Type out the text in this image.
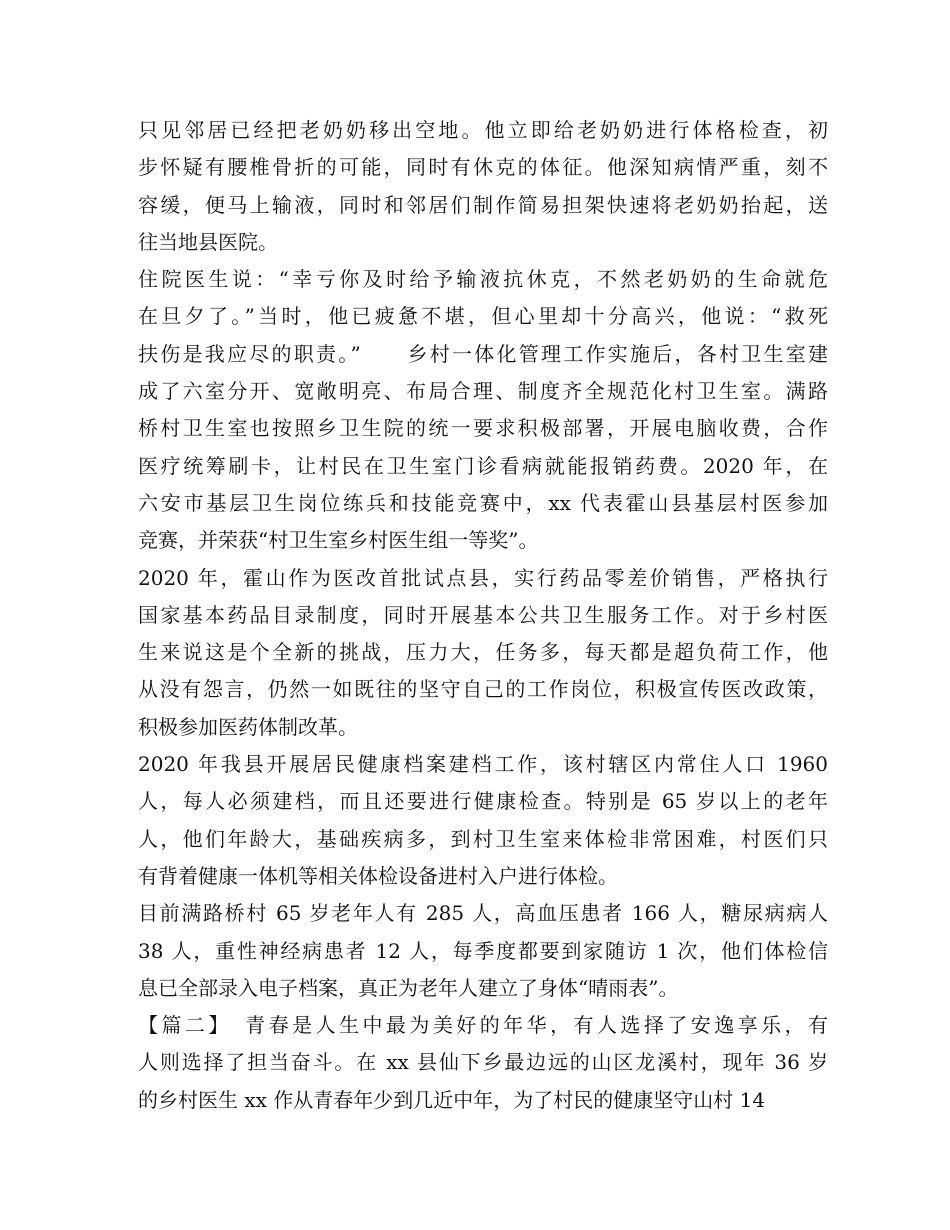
只见邻居已经把老奶奶移出空地。他立即给老奶奶进行体格检查，初
步怀疑有腰椎骨折的可能，同时有休克的体征。他深知病情严重，刻不
容缓，便马上输液，同时和邻居们制作简易担架快速将老奶奶抬起，送
往当地县医院。
住院医生说：“幸亏你及时给予输液抗休克，不然老奶奶的生命就危
在旦夕了。”当时，他已疲惫不堪，但心里却十分高兴，他说：“救死
扶伤是我应尽的职责。”　　乡村一体化管理工作实施后，各村卫生室建
成了六室分开、宽敞明亮、布局合理、制度齐全规范化村卫生室。满路
桥村卫生室也按照乡卫生院的统一要求积极部署，开展电脑收费，合作
医疗统筹刷卡，让村民在卫生室门诊看病就能报销药费。2020 年，在
六安市基层卫生岗位练兵和技能竞赛中，xx 代表霍山县基层村医参加
竞赛，并荣获“村卫生室乡村医生组一等奖”。
2020 年，霍山作为医改首批试点县，实行药品零差价销售，严格执行
国家基本药品目录制度，同时开展基本公共卫生服务工作。对于乡村医
生来说这是个全新的挑战，压力大，任务多，每天都是超负荷工作，他
从没有怨言，仍然一如既往的坚守自己的工作岗位，积极宣传医改政策，
积极参加医药体制改革。
2020 年我县开展居民健康档案建档工作，该村辖区内常住人口 1960
人，每人必须建档，而且还要进行健康检查。特别是 65 岁以上的老年
人，他们年龄大，基础疾病多，到村卫生室来体检非常困难，村医们只
有背着健康一体机等相关体检设备进村入户进行体检。
目前满路桥村 65 岁老年人有 285 人，高血压患者 166 人，糖尿病病人
38 人，重性神经病患者 12 人，每季度都要到家随访 1 次，他们体检信
息已全部录入电子档案，真正为老年人建立了身体“晴雨表”。
【篇二】　青春是人生中最为美好的年华，有人选择了安逸享乐，有
人则选择了担当奋斗。在 xx 县仙下乡最边远的山区龙溪村，现年 36 岁
的乡村医生 xx 作从青春年少到几近中年，为了村民的健康坚守山村 14
